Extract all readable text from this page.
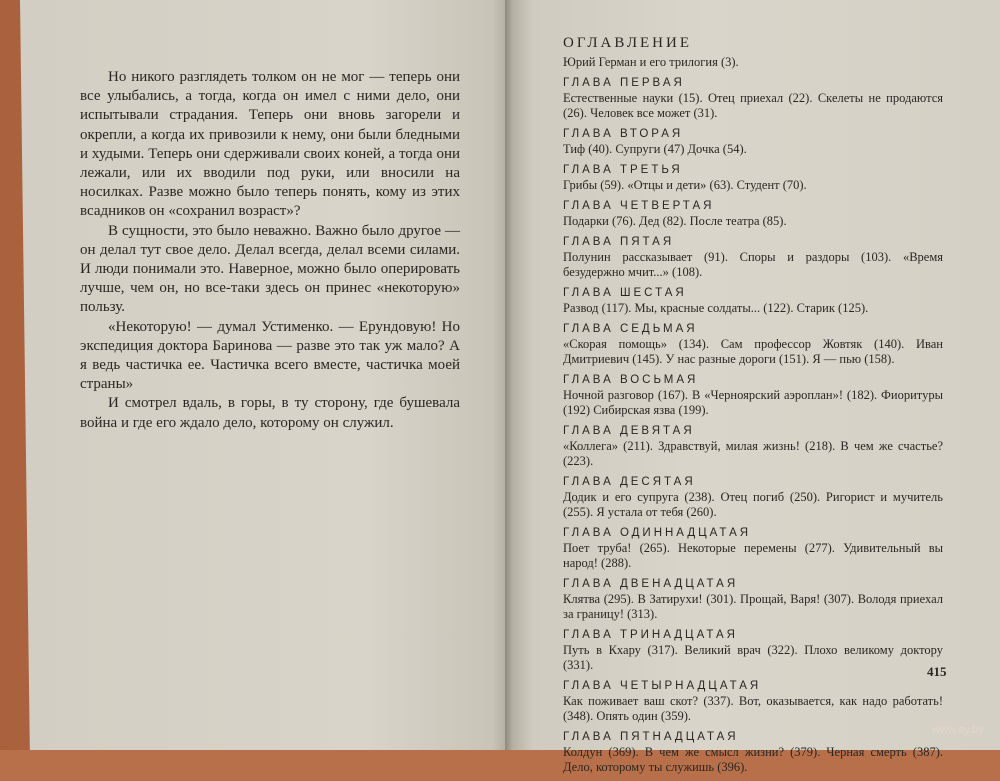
Но никого разглядеть толком он не мог — теперь они все улыбались, а тогда, когда он имел с ними дело, они испытывали страдания. Теперь они вновь загорели и окрепли, а когда их привозили к нему, они были бледными и худыми. Теперь они сдерживали своих коней, а тогда они лежали, или их вводили под руки, или вносили на носилках. Разве можно было теперь понять, кому из этих всадников он «сохранил возраст»?

В сущности, это было неважно. Важно было другое — он делал тут свое дело. Делал всегда, делал всеми силами. И люди понимали это. Наверное, можно было оперировать лучше, чем он, но все-таки здесь он принес «некоторую» пользу.

«Некоторую! — думал Устименко. — Ерундовую! Но экспедиция доктора Баринова — разве это так уж мало? А я ведь частичка ее. Частичка всего вместе, частичка моей страны»

И смотрел вдаль, в горы, в ту сторону, где бушевала война и где его ждало дело, которому он служил.

ОГЛАВЛЕНИЕ
Юрий Герман и его трилогия (3).
ГЛАВА ПЕРВАЯ
Естественные науки (15). Отец приехал (22). Скелеты не продаются (26). Человек все может (31).
ГЛАВА ВТОРАЯ
Тиф (40). Супруги (47) Дочка (54).
ГЛАВА ТРЕТЬЯ
Грибы (59). «Отцы и дети» (63). Студент (70).
ГЛАВА ЧЕТВЕРТАЯ
Подарки (76). Дед (82). После театра (85).
ГЛАВА ПЯТАЯ
Полунин рассказывает (91). Споры и раздоры (103). «Время безудержно мчит...» (108).
ГЛАВА ШЕСТАЯ
Развод (117). Мы, красные солдаты... (122). Старик (125).
ГЛАВА СЕДЬМАЯ
«Скорая помощь» (134). Сам профессор Жовтяк (140). Иван Дмитриевич (145). У нас разные дороги (151). Я — пью (158).
ГЛАВА ВОСЬМАЯ
Ночной разговор (167). В «Черноярский аэроплан»! (182). Фиоритуры (192) Сибирская язва (199).
ГЛАВА ДЕВЯТАЯ
«Коллега» (211). Здравствуй, милая жизнь! (218). В чем же счастье? (223).
ГЛАВА ДЕСЯТАЯ
Додик и его супруга (238). Отец погиб (250). Ригорист и мучитель (255). Я устала от тебя (260).
ГЛАВА ОДИННАДЦАТАЯ
Поет труба! (265). Некоторые перемены (277). Удивительный вы народ! (288).
ГЛАВА ДВЕНАДЦАТАЯ
Клятва (295). В Затирухи! (301). Прощай, Варя! (307). Володя приехал за границу! (313).
ГЛАВА ТРИНАДЦАТАЯ
Путь в Кхару (317). Великий врач (322). Плохо великому доктору (331).
ГЛАВА ЧЕТЫРНАДЦАТАЯ
Как поживает ваш скот? (337). Вот, оказывается, как надо работать! (348). Опять один (359).
ГЛАВА ПЯТНАДЦАТАЯ
Колдун (369). В чем же смысл жизни? (379). Черная смерть (387). Дело, которому ты служишь (396).
415
www.ay.by
